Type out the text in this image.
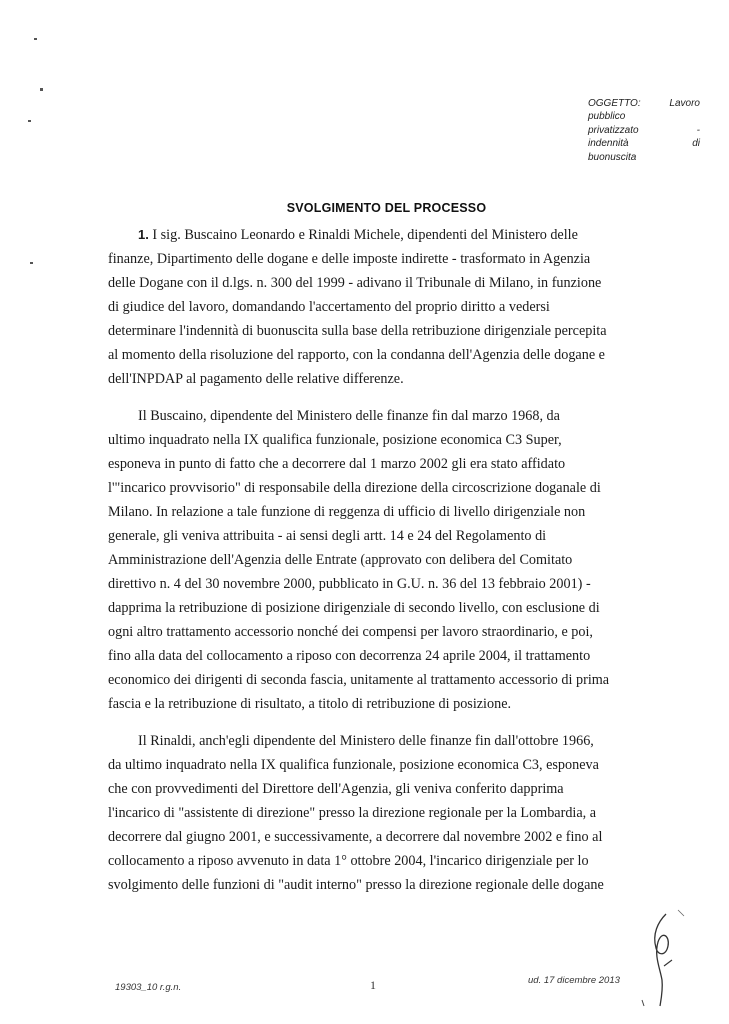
OGGETTO:	Lavoro
pubblico
privatizzato	-
indennità	di
buonuscita
SVOLGIMENTO DEL PROCESSO
1. I sig. Buscaino Leonardo e Rinaldi Michele, dipendenti del Ministero delle
finanze, Dipartimento delle dogane e delle imposte indirette - trasformato in Agenzia
delle Dogane con il d.lgs. n. 300 del 1999 - adivano il Tribunale di Milano, in funzione
di giudice del lavoro, domandando l'accertamento del proprio diritto a vedersi
determinare l'indennità di buonuscita sulla base della retribuzione dirigenziale percepita
al momento della risoluzione del rapporto, con la condanna dell'Agenzia delle dogane e
dell'INPDAP al pagamento delle relative differenze.
Il Buscaino, dipendente del Ministero delle finanze fin dal marzo 1968, da
ultimo inquadrato nella IX qualifica funzionale, posizione economica C3 Super,
esponeva in punto di fatto che a decorrere dal 1 marzo 2002 gli era stato affidato
l'"incarico provvisorio" di responsabile della direzione della circoscrizione doganale di
Milano. In relazione a tale funzione di reggenza di ufficio di livello dirigenziale non
generale, gli veniva attribuita - ai sensi degli artt. 14 e 24 del Regolamento di
Amministrazione dell'Agenzia delle Entrate (approvato con delibera del Comitato
direttivo n. 4 del 30 novembre 2000, pubblicato in G.U. n. 36 del 13 febbraio 2001) -
dapprima la retribuzione di posizione dirigenziale di secondo livello, con esclusione di
ogni altro trattamento accessorio nonché dei compensi per lavoro straordinario, e poi,
fino alla data del collocamento a riposo con decorrenza 24 aprile 2004, il trattamento
economico dei dirigenti di seconda fascia, unitamente al trattamento accessorio di prima
fascia e la retribuzione di risultato, a titolo di retribuzione di posizione.
Il Rinaldi, anch'egli dipendente del Ministero delle finanze fin dall'ottobre 1966,
da ultimo inquadrato nella IX qualifica funzionale, posizione economica C3, esponeva
che con provvedimenti del Direttore dell'Agenzia, gli veniva conferito dapprima
l'incarico di "assistente di direzione" presso la direzione regionale per la Lombardia, a
decorrere dal giugno 2001, e successivamente, a decorrere dal novembre 2002 e fino al
collocamento a riposo avvenuto in data 1° ottobre 2004, l'incarico dirigenziale per lo
svolgimento delle funzioni di "audit interno" presso la direzione regionale delle dogane
19303_10 r.g.n.	1	ud. 17 dicembre 2013
